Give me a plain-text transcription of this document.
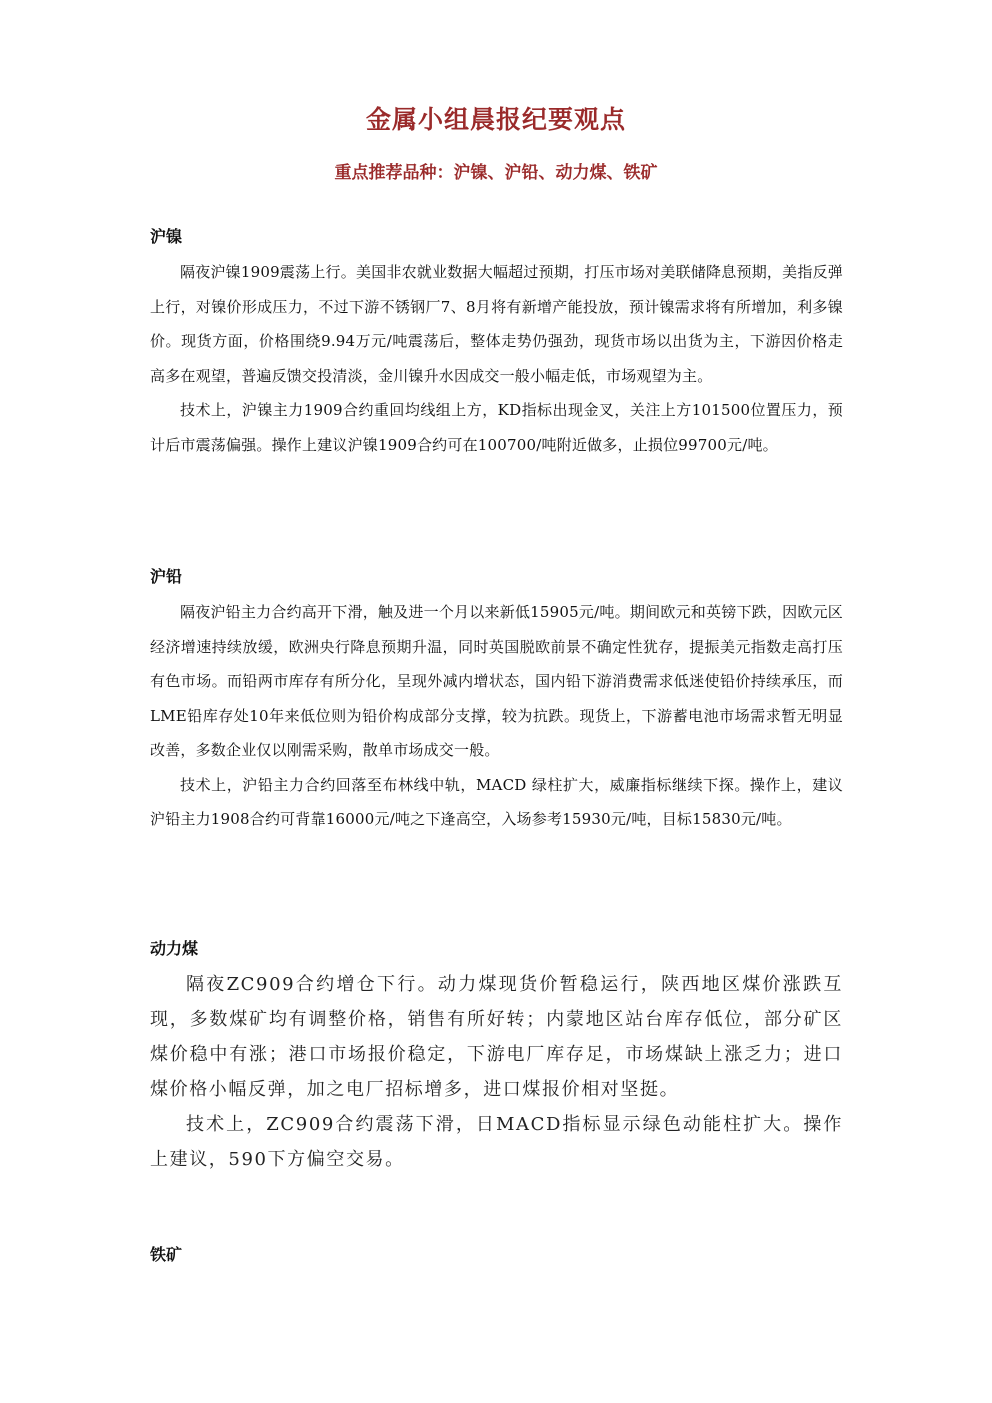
金属小组晨报纪要观点
重点推荐品种：沪镍、沪铅、动力煤、铁矿
沪镍

隔夜沪镍1909震荡上行。美国非农就业数据大幅超过预期，打压市场对美联储降息预期，美指反弹上行，对镍价形成压力，不过下游不锈钢厂7、8月将有新增产能投放，预计镍需求将有所增加，利多镍价。现货方面，价格围绕9.94万元/吨震荡后，整体走势仍强劲，现货市场以出货为主，下游因价格走高多在观望，普遍反馈交投清淡，金川镍升水因成交一般小幅走低，市场观望为主。

技术上，沪镍主力1909合约重回均线组上方，KD指标出现金叉，关注上方101500位置压力，预计后市震荡偏强。操作上建议沪镍1909合约可在100700/吨附近做多，止损位99700元/吨。

沪铅

隔夜沪铅主力合约高开下滑，触及进一个月以来新低15905元/吨。期间欧元和英镑下跌，因欧元区经济增速持续放缓，欧洲央行降息预期升温，同时英国脱欧前景不确定性犹存，提振美元指数走高打压有色市场。而铅两市库存有所分化，呈现外减内增状态，国内铅下游消费需求低迷使铅价持续承压，而LME铅库存处10年来低位则为铅价构成部分支撑，较为抗跌。现货上，下游蓄电池市场需求暂无明显改善，多数企业仅以刚需采购，散单市场成交一般。

技术上，沪铅主力合约回落至布林线中轨，MACD 绿柱扩大，威廉指标继续下探。操作上，建议沪铅主力1908合约可背靠16000元/吨之下逢高空，入场参考15930元/吨，目标15830元/吨。

动力煤

隔夜ZC909合约增仓下行。动力煤现货价暂稳运行，陕西地区煤价涨跌互现，多数煤矿均有调整价格，销售有所好转；内蒙地区站台库存低位，部分矿区煤价稳中有涨；港口市场报价稳定，下游电厂库存足，市场煤缺上涨乏力；进口煤价格小幅反弹，加之电厂招标增多，进口煤报价相对坚挺。

技术上，ZC909合约震荡下滑，日MACD指标显示绿色动能柱扩大。操作上建议，590下方偏空交易。

铁矿
